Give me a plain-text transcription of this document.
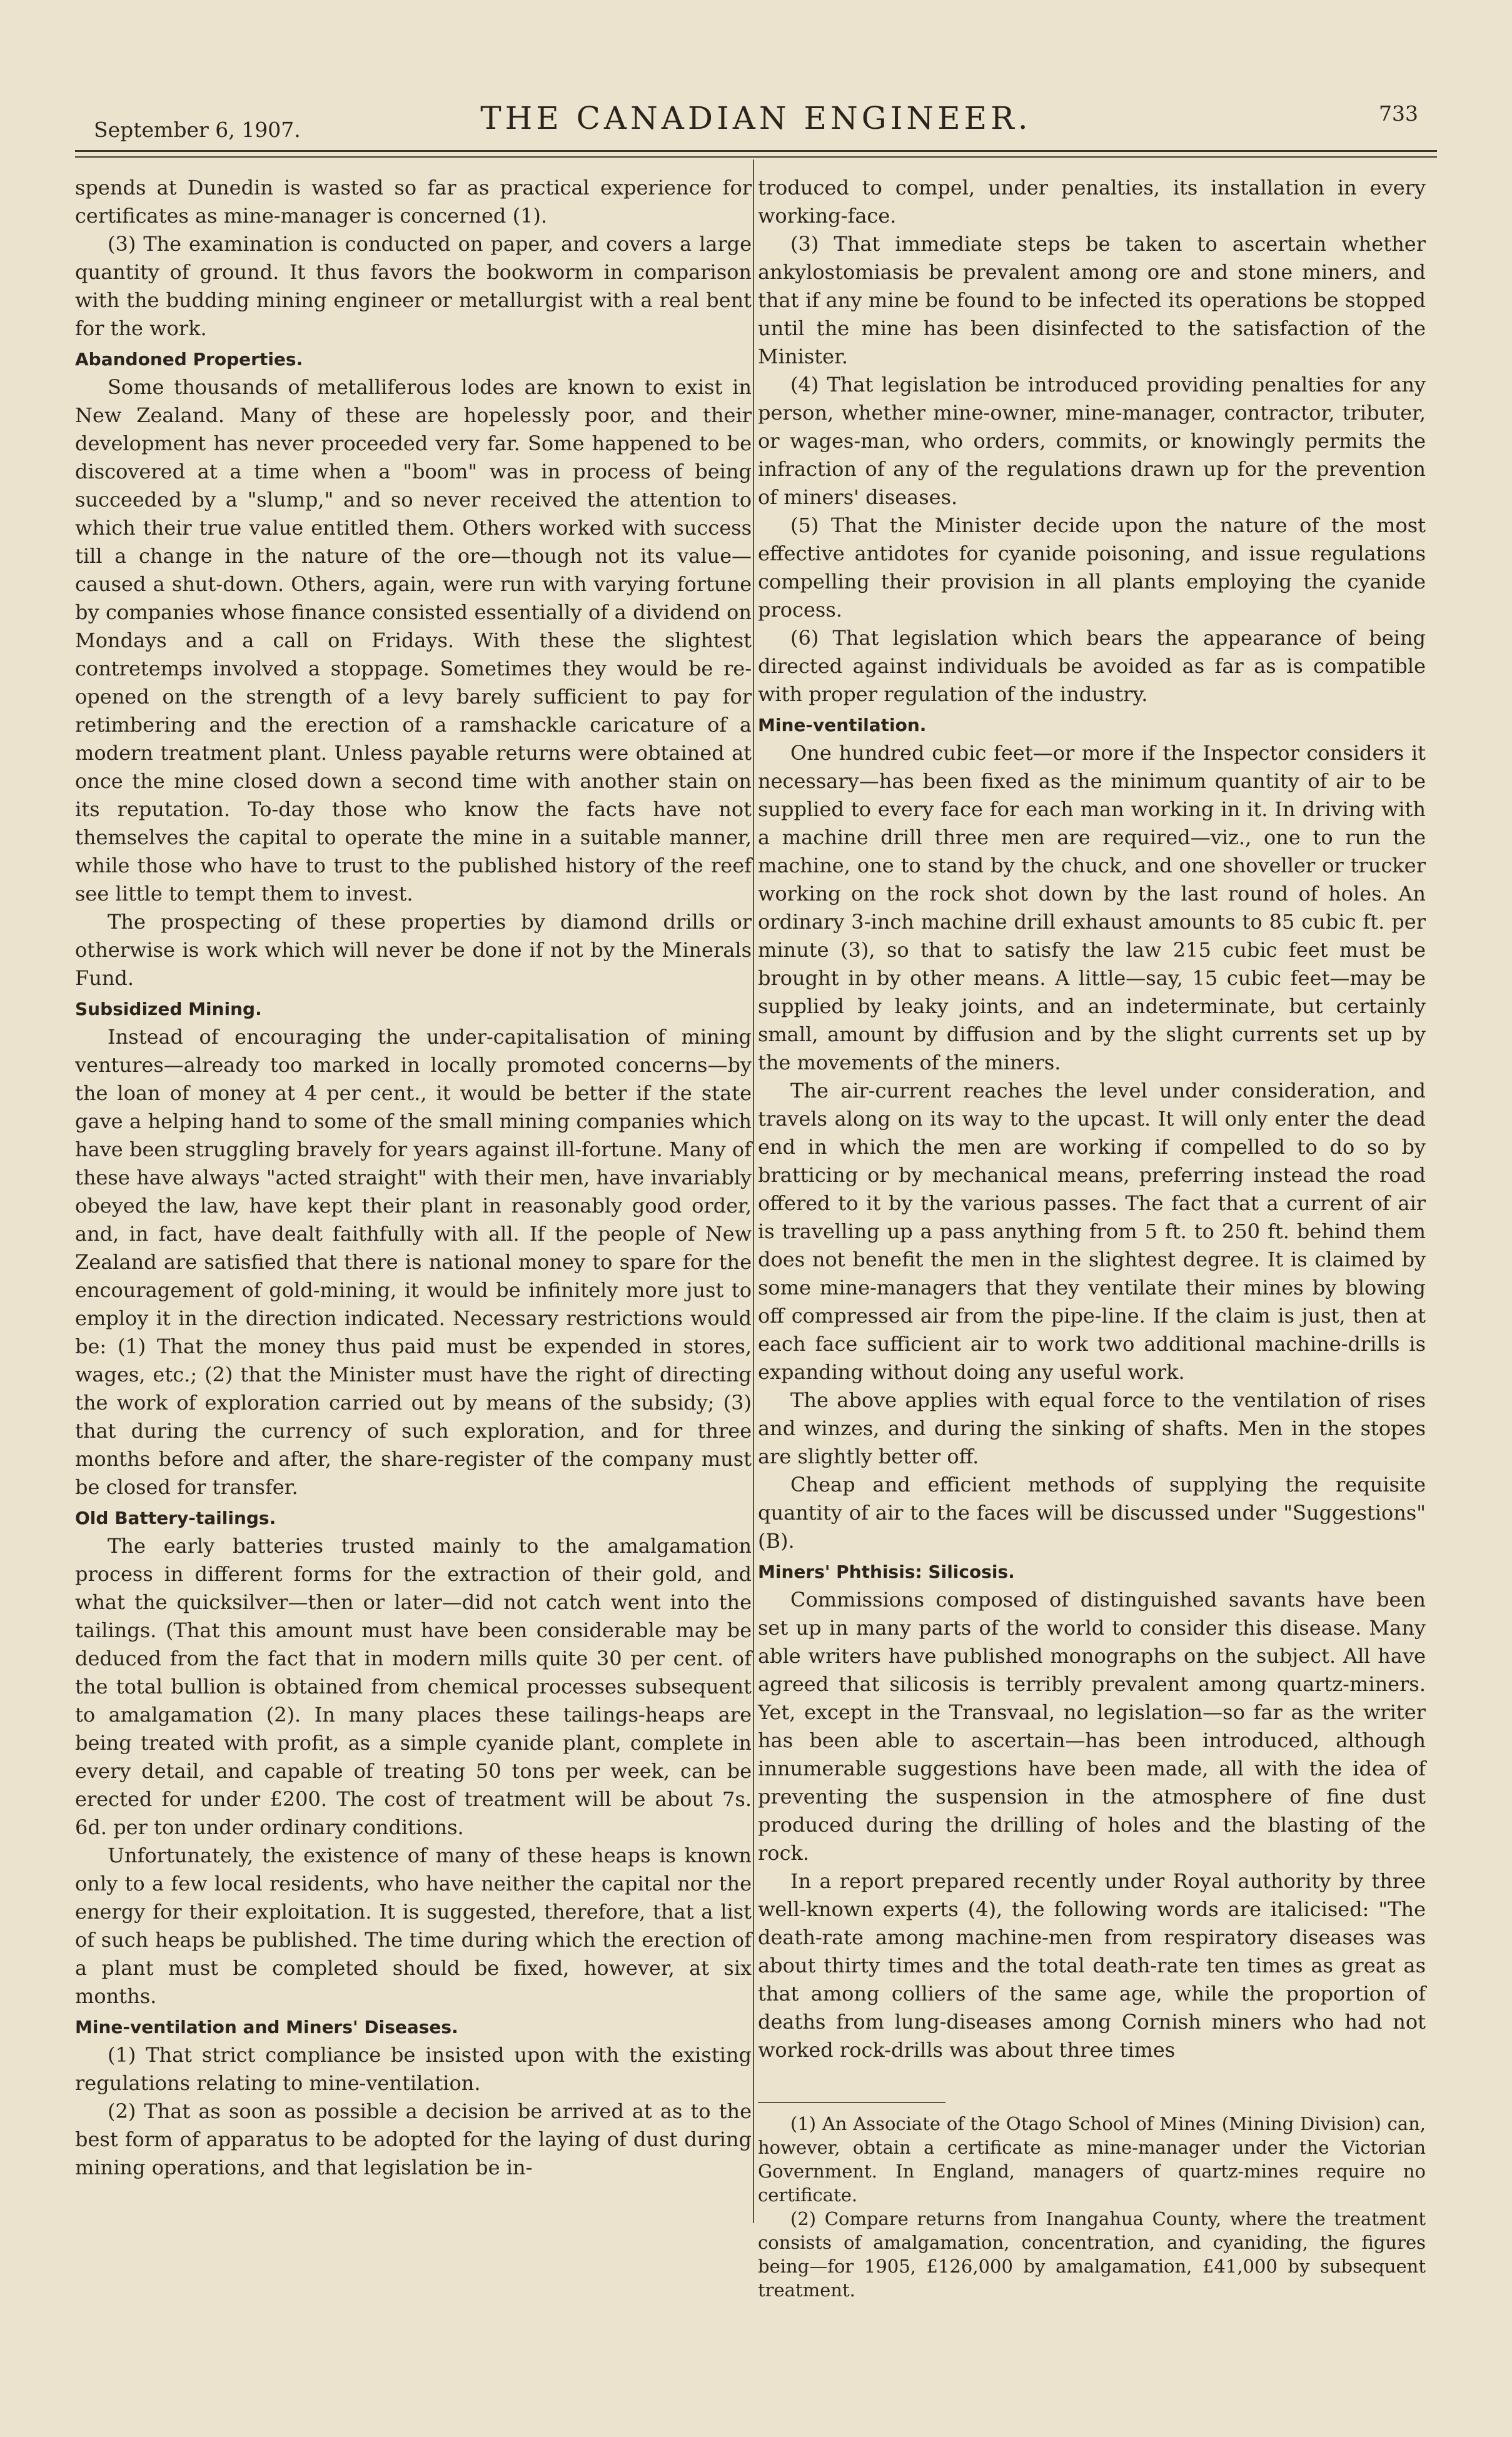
September 6, 1907.	THE CANADIAN ENGINEER.	733

spends at Dunedin is wasted so far as practical experience for certificates as mine-manager is concerned (1).

(3) The examination is conducted on paper, and covers a large quantity of ground. It thus favors the bookworm in comparison with the budding mining engineer or metallurgist with a real bent for the work.

Abandoned Properties.

Some thousands of metalliferous lodes are known to exist in New Zealand. Many of these are hopelessly poor, and their development has never proceeded very far. Some happened to be discovered at a time when a "boom" was in process of being succeeded by a "slump," and so never received the attention to which their true value entitled them. Others worked with success till a change in the nature of the ore—though not its value—caused a shut-down. Others, again, were run with varying fortune by companies whose finance consisted essentially of a dividend on Mondays and a call on Fridays. With these the slightest contretemps involved a stoppage. Sometimes they would be re-opened on the strength of a levy barely sufficient to pay for retimbering and the erection of a ramshackle caricature of a modern treatment plant. Unless payable returns were obtained at once the mine closed down a second time with another stain on its reputation. To-day those who know the facts have not themselves the capital to operate the mine in a suitable manner, while those who have to trust to the published history of the reef see little to tempt them to invest.

The prospecting of these properties by diamond drills or otherwise is work which will never be done if not by the Minerals Fund.

Subsidized Mining.

Instead of encouraging the under-capitalisation of mining ventures—already too marked in locally promoted concerns—by the loan of money at 4 per cent., it would be better if the state gave a helping hand to some of the small mining companies which have been struggling bravely for years against ill-fortune. Many of these have always "acted straight" with their men, have invariably obeyed the law, have kept their plant in reasonably good order, and, in fact, have dealt faithfully with all. If the people of New Zealand are satisfied that there is national money to spare for the encouragement of gold-mining, it would be infinitely more just to employ it in the direction indicated. Necessary restrictions would be: (1) That the money thus paid must be expended in stores, wages, etc.; (2) that the Minister must have the right of directing the work of exploration carried out by means of the subsidy; (3) that during the currency of such exploration, and for three months before and after, the share-register of the company must be closed for transfer.

Old Battery-tailings.

The early batteries trusted mainly to the amalgamation process in different forms for the extraction of their gold, and what the quicksilver—then or later—did not catch went into the tailings. (That this amount must have been considerable may be deduced from the fact that in modern mills quite 30 per cent. of the total bullion is obtained from chemical processes subsequent to amalgamation (2). In many places these tailings-heaps are being treated with profit, as a simple cyanide plant, complete in every detail, and capable of treating 50 tons per week, can be erected for under £200. The cost of treatment will be about 7s. 6d. per ton under ordinary conditions.

Unfortunately, the existence of many of these heaps is known only to a few local residents, who have neither the capital nor the energy for their exploitation. It is suggested, therefore, that a list of such heaps be published. The time during which the erection of a plant must be completed should be fixed, however, at six months.

Mine-ventilation and Miners' Diseases.

(1) That strict compliance be insisted upon with the existing regulations relating to mine-ventilation.

(2) That as soon as possible a decision be arrived at as to the best form of apparatus to be adopted for the laying of dust during mining operations, and that legislation be in-

troduced to compel, under penalties, its installation in every working-face.

(3) That immediate steps be taken to ascertain whether ankylostomiasis be prevalent among ore and stone miners, and that if any mine be found to be infected its operations be stopped until the mine has been disinfected to the satisfaction of the Minister.

(4) That legislation be introduced providing penalties for any person, whether mine-owner, mine-manager, contractor, tributer, or wages-man, who orders, commits, or knowingly permits the infraction of any of the regulations drawn up for the prevention of miners' diseases.

(5) That the Minister decide upon the nature of the most effective antidotes for cyanide poisoning, and issue regulations compelling their provision in all plants employing the cyanide process.

(6) That legislation which bears the appearance of being directed against individuals be avoided as far as is compatible with proper regulation of the industry.

Mine-ventilation.

One hundred cubic feet—or more if the Inspector considers it necessary—has been fixed as the minimum quantity of air to be supplied to every face for each man working in it. In driving with a machine drill three men are required—viz., one to run the machine, one to stand by the chuck, and one shoveller or trucker working on the rock shot down by the last round of holes. An ordinary 3-inch machine drill exhaust amounts to 85 cubic ft. per minute (3), so that to satisfy the law 215 cubic feet must be brought in by other means. A little—say, 15 cubic feet—may be supplied by leaky joints, and an indeterminate, but certainly small, amount by diffusion and by the slight currents set up by the movements of the miners.

The air-current reaches the level under consideration, and travels along on its way to the upcast. It will only enter the dead end in which the men are working if compelled to do so by bratticing or by mechanical means, preferring instead the road offered to it by the various passes. The fact that a current of air is travelling up a pass anything from 5 ft. to 250 ft. behind them does not benefit the men in the slightest degree. It is claimed by some mine-managers that they ventilate their mines by blowing off compressed air from the pipe-line. If the claim is just, then at each face sufficient air to work two additional machine-drills is expanding without doing any useful work.

The above applies with equal force to the ventilation of rises and winzes, and during the sinking of shafts. Men in the stopes are slightly better off.

Cheap and efficient methods of supplying the requisite quantity of air to the faces will be discussed under "Suggestions" (B).

Miners' Phthisis: Silicosis.

Commissions composed of distinguished savants have been set up in many parts of the world to consider this disease. Many able writers have published monographs on the subject. All have agreed that silicosis is terribly prevalent among quartz-miners. Yet, except in the Transvaal, no legislation—so far as the writer has been able to ascertain—has been introduced, although innumerable suggestions have been made, all with the idea of preventing the suspension in the atmosphere of fine dust produced during the drilling of holes and the blasting of the rock.

In a report prepared recently under Royal authority by three well-known experts (4), the following words are italicised: "The death-rate among machine-men from respiratory diseases was about thirty times and the total death-rate ten times as great as that among colliers of the same age, while the proportion of deaths from lung-diseases among Cornish miners who had not worked rock-drills was about three times

(1) An Associate of the Otago School of Mines (Mining Division) can, however, obtain a certificate as mine-manager under the Victorian Government. In England, managers of quartz-mines require no certificate.

(2) Compare returns from Inangahua County, where the treatment consists of amalgamation, concentration, and cyaniding, the figures being—for 1905, £126,000 by amalgamation, £41,000 by subsequent treatment.
